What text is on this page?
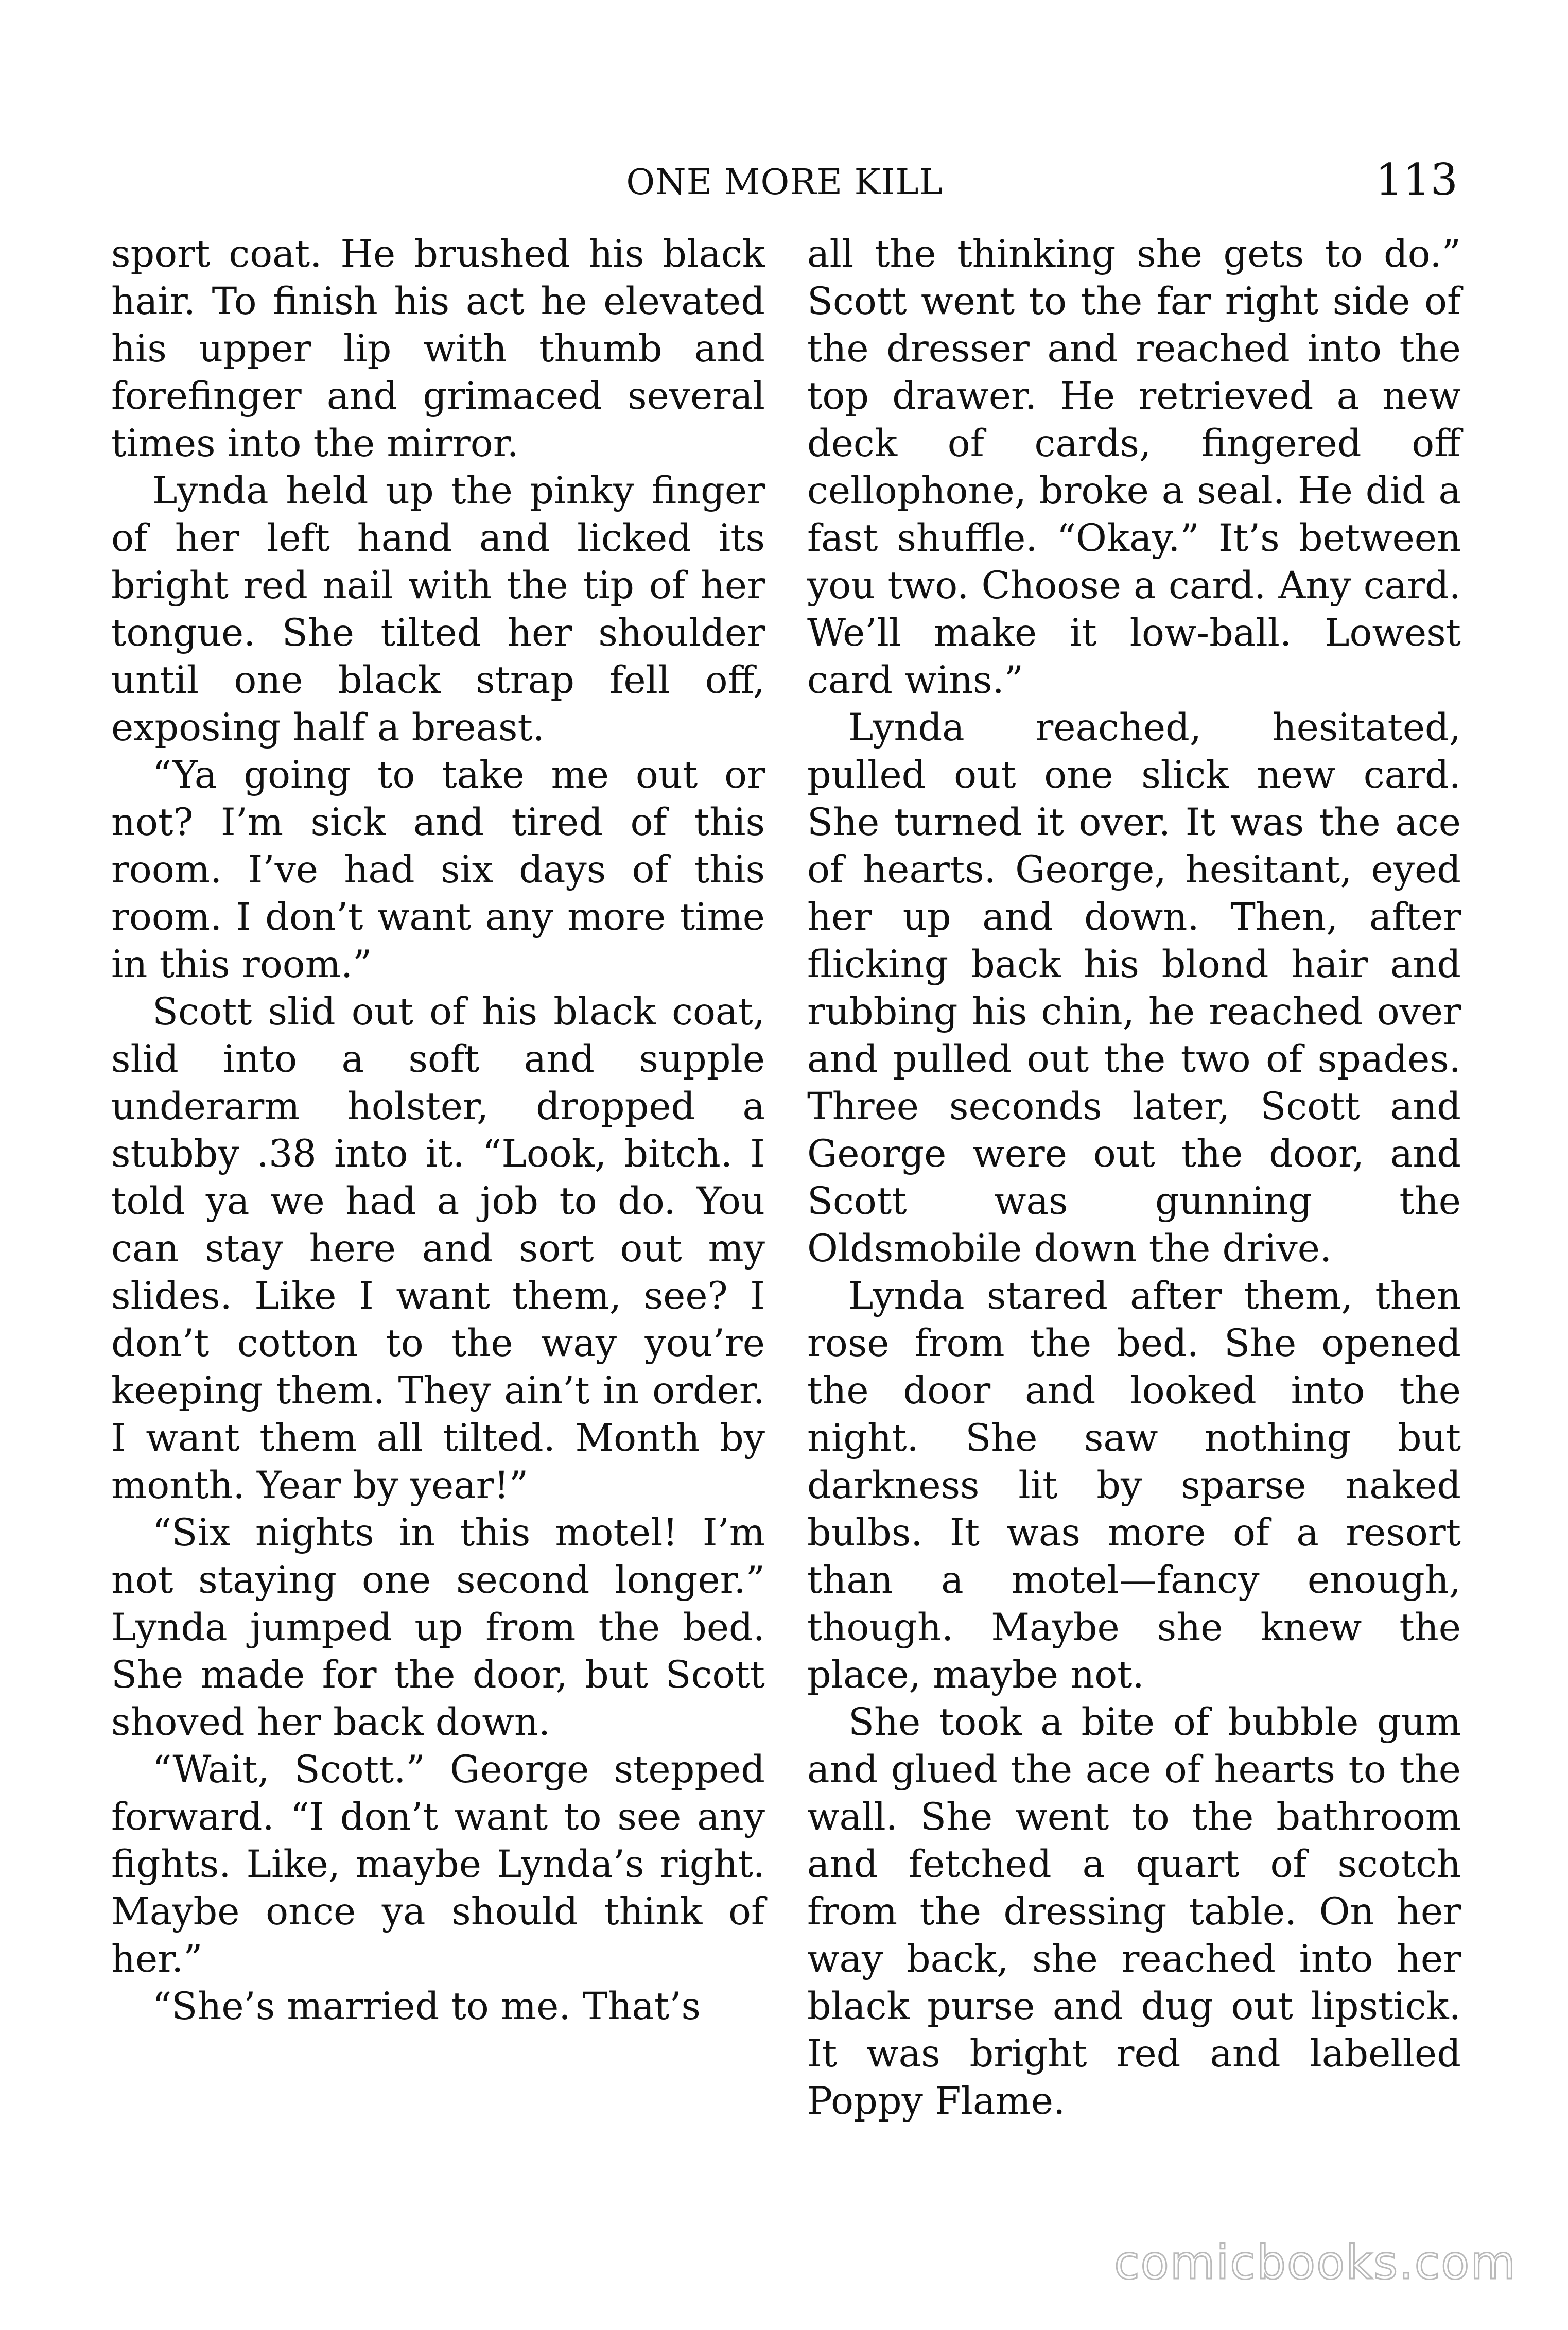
ONE MORE KILL	113

sport coat. He brushed his black hair. To finish his act he elevated his upper lip with thumb and forefinger and grimaced several times into the mirror.

Lynda held up the pinky finger of her left hand and licked its bright red nail with the tip of her tongue. She tilted her shoulder until one black strap fell off, exposing half a breast.

“Ya going to take me out or not? I’m sick and tired of this room. I’ve had six days of this room. I don’t want any more time in this room.”

Scott slid out of his black coat, slid into a soft and supple underarm holster, dropped a stubby .38 into it. “Look, bitch. I told ya we had a job to do. You can stay here and sort out my slides. Like I want them, see? I don’t cotton to the way you’re keeping them. They ain’t in order. I want them all tilted. Month by month. Year by year!”

“Six nights in this motel! I’m not staying one second longer.” Lynda jumped up from the bed. She made for the door, but Scott shoved her back down.

“Wait, Scott.” George stepped forward. “I don’t want to see any fights. Like, maybe Lynda’s right. Maybe once ya should think of her.”

“She’s married to me. That’s

all the thinking she gets to do.” Scott went to the far right side of the dresser and reached into the top drawer. He retrieved a new deck of cards, fingered off cellophone, broke a seal. He did a fast shuffle. “Okay.” It’s between you two. Choose a card. Any card. We’ll make it low-ball. Lowest card wins.”

Lynda reached, hesitated, pulled out one slick new card. She turned it over. It was the ace of hearts. George, hesitant, eyed her up and down. Then, after flicking back his blond hair and rubbing his chin, he reached over and pulled out the two of spades. Three seconds later, Scott and George were out the door, and Scott was gunning the Oldsmobile down the drive.

Lynda stared after them, then rose from the bed. She opened the door and looked into the night. She saw nothing but darkness lit by sparse naked bulbs. It was more of a resort than a motel—fancy enough, though. Maybe she knew the place, maybe not.

She took a bite of bubble gum and glued the ace of hearts to the wall. She went to the bathroom and fetched a quart of scotch from the dressing table. On her way back, she reached into her black purse and dug out lipstick. It was bright red and labelled Poppy Flame.

comicbooks.com
